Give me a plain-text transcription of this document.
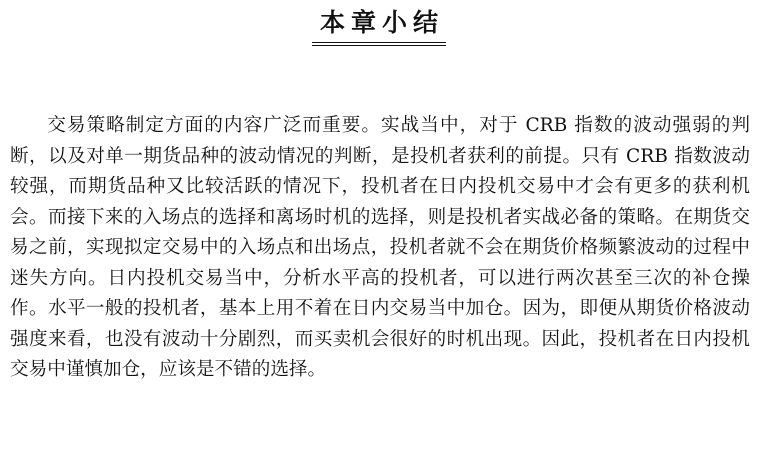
本章小结

交易策略制定方面的内容广泛而重要。实战当中，对于 CRB 指数的波动强弱的判断，以及对单一期货品种的波动情况的判断，是投机者获利的前提。只有 CRB 指数波动较强，而期货品种又比较活跃的情况下，投机者在日内投机交易中才会有更多的获利机会。而接下来的入场点的选择和离场时机的选择，则是投机者实战必备的策略。在期货交易之前，实现拟定交易中的入场点和出场点，投机者就不会在期货价格频繁波动的过程中迷失方向。日内投机交易当中，分析水平高的投机者，可以进行两次甚至三次的补仓操作。水平一般的投机者，基本上用不着在日内交易当中加仓。因为，即便从期货价格波动强度来看，也没有波动十分剧烈，而买卖机会很好的时机出现。因此，投机者在日内投机交易中谨慎加仓，应该是不错的选择。
